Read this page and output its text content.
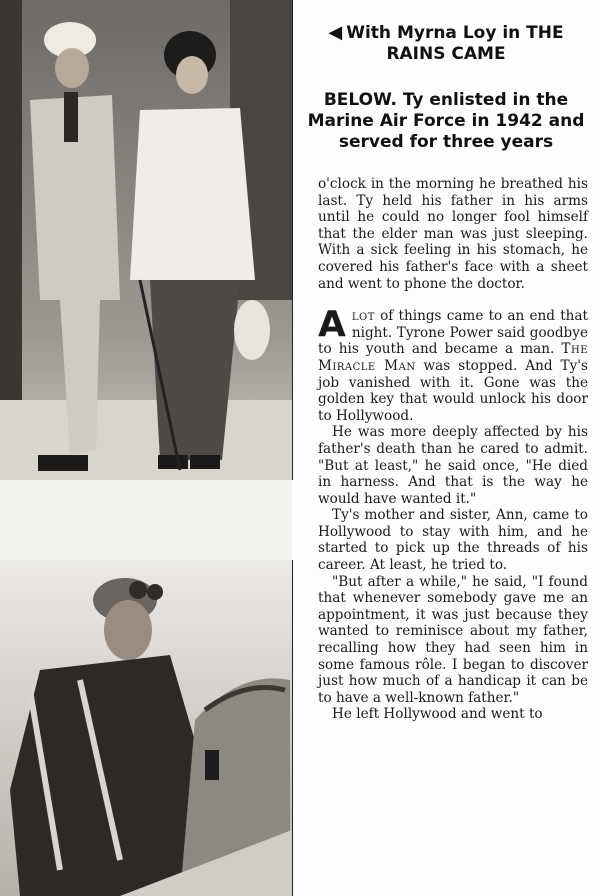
◀ With Myrna Loy in THE RAINS CAME
BELOW. Ty enlisted in the Marine Air Force in 1942 and served for three years

o'clock in the morning he breathed his last. Ty held his father in his arms until he could no longer fool himself that the elder man was just sleeping. With a sick feeling in his stomach, he covered his father's face with a sheet and went to phone the doctor.

Alot of things came to an end that night. Tyrone Power said goodbye to his youth and became a man. The Miracle Man was stopped. And Ty's job vanished with it. Gone was the golden key that would unlock his door to Hollywood.

He was more deeply affected by his father's death than he cared to admit. "But at least," he said once, "He died in harness. And that is the way he would have wanted it."

Ty's mother and sister, Ann, came to Hollywood to stay with him, and he started to pick up the threads of his career. At least, he tried to.

"But after a while," he said, "I found that whenever somebody gave me an appointment, it was just because they wanted to reminisce about my father, recalling how they had seen him in some famous rôle. I began to discover just how much of a handicap it can be to have a well-known father."

He left Hollywood and went to
